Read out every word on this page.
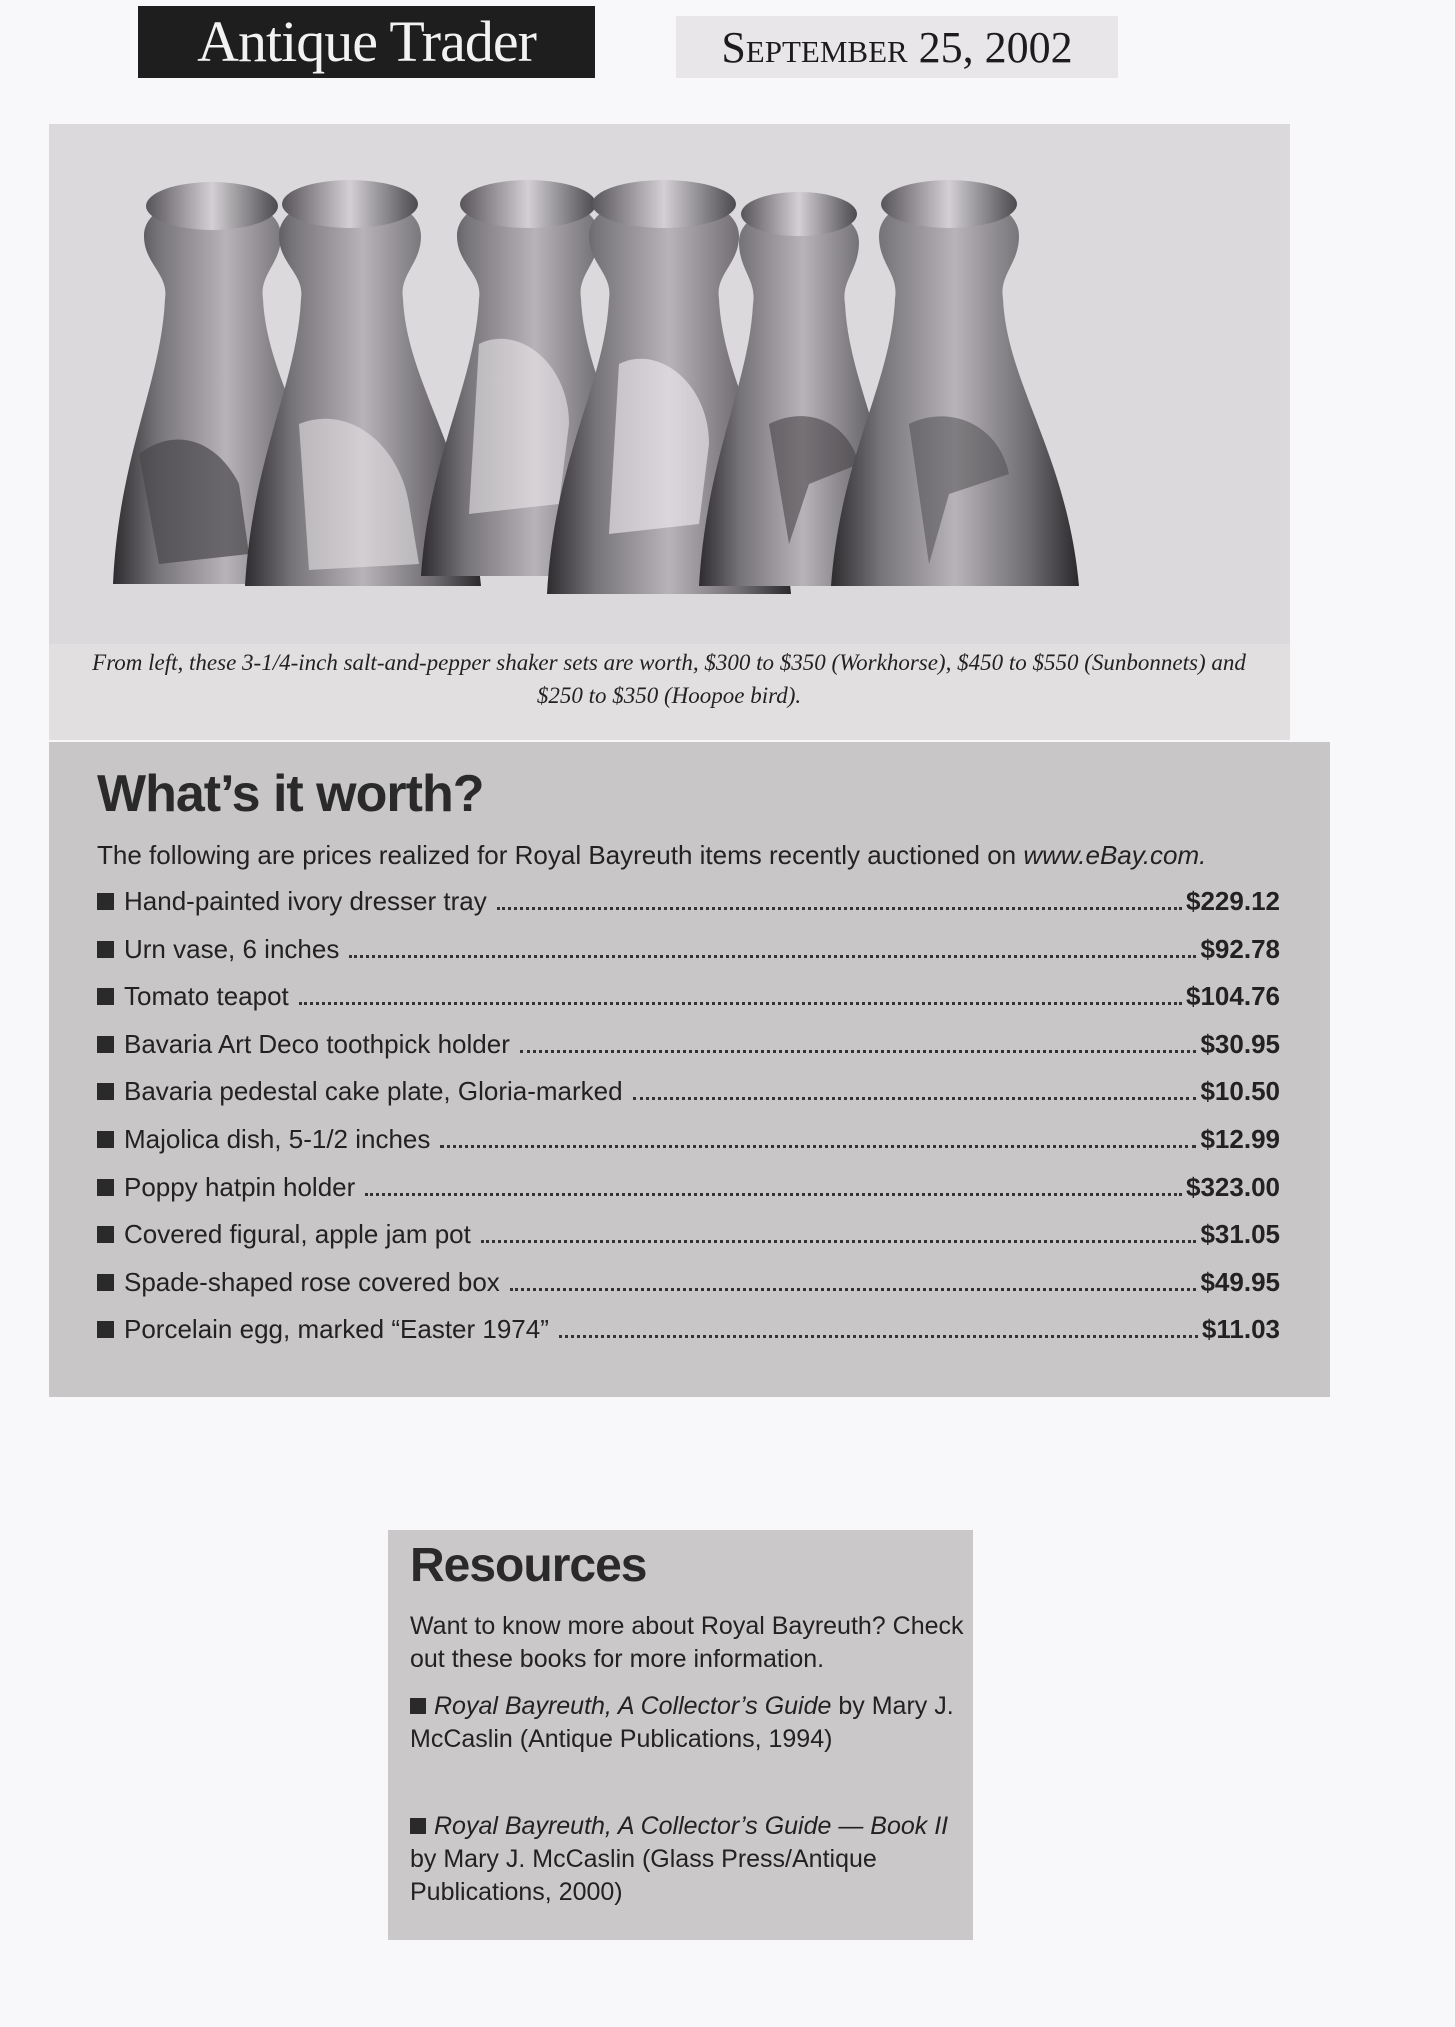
Antique Trader	September 25, 2002
From left, these 3-1/4-inch salt-and-pepper shaker sets are worth, $300 to $350 (Workhorse), $450 to $550 (Sunbonnets) and $250 to $350 (Hoopoe bird).
What’s it worth?
The following are prices realized for Royal Bayreuth items recently auctioned on www.eBay.com.
Hand-painted ivory dresser tray	$229.12
Urn vase, 6 inches	$92.78
Tomato teapot	$104.76
Bavaria Art Deco toothpick holder	$30.95
Bavaria pedestal cake plate, Gloria-marked	$10.50
Majolica dish, 5-1/2 inches	$12.99
Poppy hatpin holder	$323.00
Covered figural, apple jam pot	$31.05
Spade-shaped rose covered box	$49.95
Porcelain egg, marked “Easter 1974”	$11.03
Resources
Want to know more about Royal Bayreuth? Check out these books for more information.
Royal Bayreuth, A Collector’s Guide by Mary J. McCaslin (Antique Publications, 1994)
Royal Bayreuth, A Collector’s Guide — Book II by Mary J. McCaslin (Glass Press/Antique Publications, 2000)
